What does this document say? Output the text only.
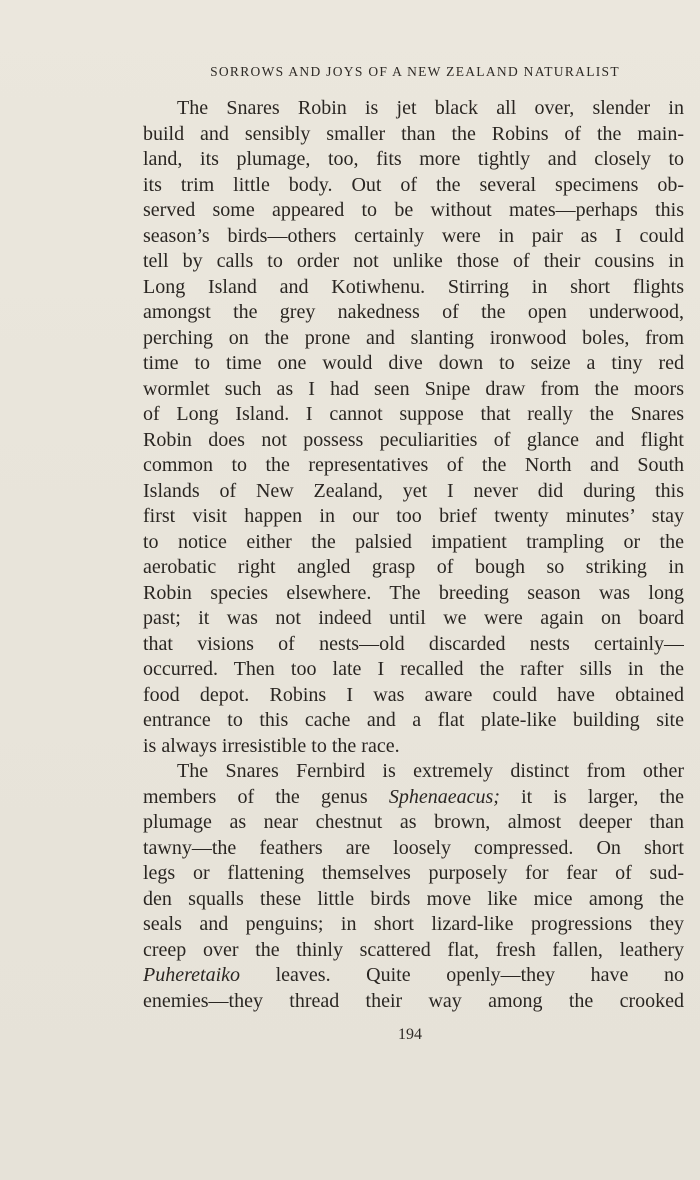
SORROWS AND JOYS OF A NEW ZEALAND NATURALIST
The Snares Robin is jet black all over, slender in
build and sensibly smaller than the Robins of the main-
land, its plumage, too, fits more tightly and closely to
its trim little body. Out of the several specimens ob-
served some appeared to be without mates—perhaps this
season’s birds—others certainly were in pair as I could
tell by calls to order not unlike those of their cousins in
Long Island and Kotiwhenu. Stirring in short flights
amongst the grey nakedness of the open underwood,
perching on the prone and slanting ironwood boles, from
time to time one would dive down to seize a tiny red
wormlet such as I had seen Snipe draw from the moors
of Long Island. I cannot suppose that really the Snares
Robin does not possess peculiarities of glance and flight
common to the representatives of the North and South
Islands of New Zealand, yet I never did during this
first visit happen in our too brief twenty minutes’ stay
to notice either the palsied impatient trampling or the
aerobatic right angled grasp of bough so striking in
Robin species elsewhere. The breeding season was long
past; it was not indeed until we were again on board
that visions of nests—old discarded nests certainly—
occurred. Then too late I recalled the rafter sills in the
food depot. Robins I was aware could have obtained
entrance to this cache and a flat plate-like building site
is always irresistible to the race.
The Snares Fernbird is extremely distinct from other
members of the genus Sphenaeacus; it is larger, the
plumage as near chestnut as brown, almost deeper than
tawny—the feathers are loosely compressed. On short
legs or flattening themselves purposely for fear of sud-
den squalls these little birds move like mice among the
seals and penguins; in short lizard-like progressions they
creep over the thinly scattered flat, fresh fallen, leathery
Puheretaiko leaves. Quite openly—they have no
enemies—they thread their way among the crooked
194
